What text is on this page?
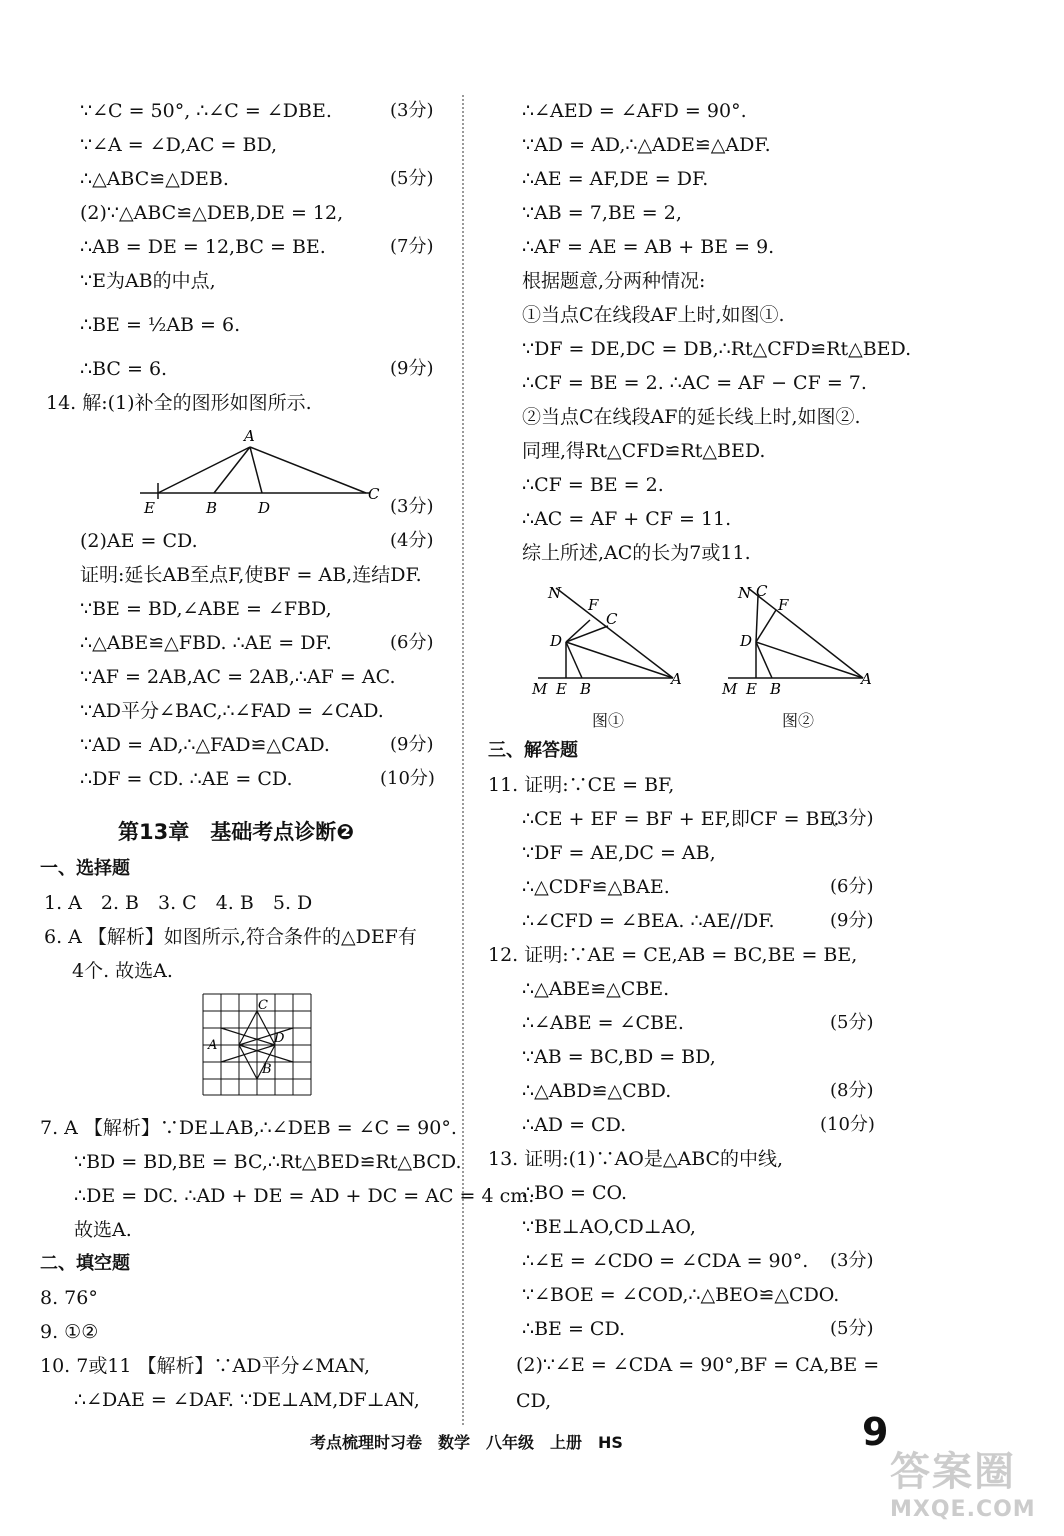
∵∠C = 50°, ∴∠C = ∠DBE.	(3分)
∵∠A = ∠D,AC = BD,
∴△ABC≌△DEB.	(5分)
(2)∵△ABC≌△DEB,DE = 12,
∴AB = DE = 12,BC = BE.	(7分)
∵E为AB的中点,
∴BE = ½AB = 6.
∴BC = 6.	(9分)
14. 解:(1)补全的图形如图所示.
A
E	B	D
C
(3分)
(2)AE = CD.	(4分)
证明:延长AB至点F,使BF = AB,连结DF.
∵BE = BD,∠ABE = ∠FBD,
∴△ABE≌△FBD. ∴AE = DF.	(6分)
∵AF = 2AB,AC = 2AB,∴AF = AC.
∵AD平分∠BAC,∴∠FAD = ∠CAD.
∵AD = AD,∴△FAD≌△CAD.	(9分)
∴DF = CD. ∴AE = CD.	(10分)
第13章　基础考点诊断❷
一、选择题
1. A　2. B　3. C　4. B　5. D
6. A 【解析】如图所示,符合条件的△DEF有
4个. 故选A.
C
A	D
B
7. A 【解析】∵DE⊥AB,∴∠DEB = ∠C = 90°.
∵BD = BD,BE = BC,∴Rt△BED≌Rt△BCD.
∴DE = DC. ∴AD + DE = AD + DC = AC = 4 cm.
故选A.
二、填空题
8. 76°
9. ①②
10. 7或11 【解析】∵AD平分∠MAN,
∴∠DAE = ∠DAF. ∵DE⊥AM,DF⊥AN,
∴∠AED = ∠AFD = 90°.
∵AD = AD,∴△ADE≌△ADF.
∴AE = AF,DE = DF.
∵AB = 7,BE = 2,
∴AF = AE = AB + BE = 9.
根据题意,分两种情况:
①当点C在线段AF上时,如图①.
∵DF = DE,DC = DB,∴Rt△CFD≌Rt△BED.
∴CF = BE = 2. ∴AC = AF − CF = 7.
②当点C在线段AF的延长线上时,如图②.
同理,得Rt△CFD≌Rt△BED.
∴CF = BE = 2.
∴AC = AF + CF = 11.
综上所述,AC的长为7或11.
N
F
C
D
M E B
A
N
F
C
D
M E B
A
图①	图②
三、解答题
11. 证明:∵CE = BF,
∴CE + EF = BF + EF,即CF = BE.
(3分)
∵DF = AE,DC = AB,
∴△CDF≌△BAE.	(6分)
∴∠CFD = ∠BEA. ∴AE//DF.	(9分)
12. 证明:∵AE = CE,AB = BC,BE = BE,
∴△ABE≌△CBE.
∴∠ABE = ∠CBE.	(5分)
∵AB = BC,BD = BD,
∴△ABD≌△CBD.	(8分)
∴AD = CD.	(10分)
13. 证明:(1)∵AO是△ABC的中线,
∴BO = CO.
∵BE⊥AO,CD⊥AO,
∴∠E = ∠CDO = ∠CDA = 90°. (3分)
∵∠BOE = ∠COD,∴△BEO≌△CDO.
∴BE = CD.	(5分)
(2)∵∠E = ∠CDA = 90°,BF = CA,BE =
CD,
考点梳理时习卷　数学　八年级　上册　HS	9
答案圈
MXQE.COM
